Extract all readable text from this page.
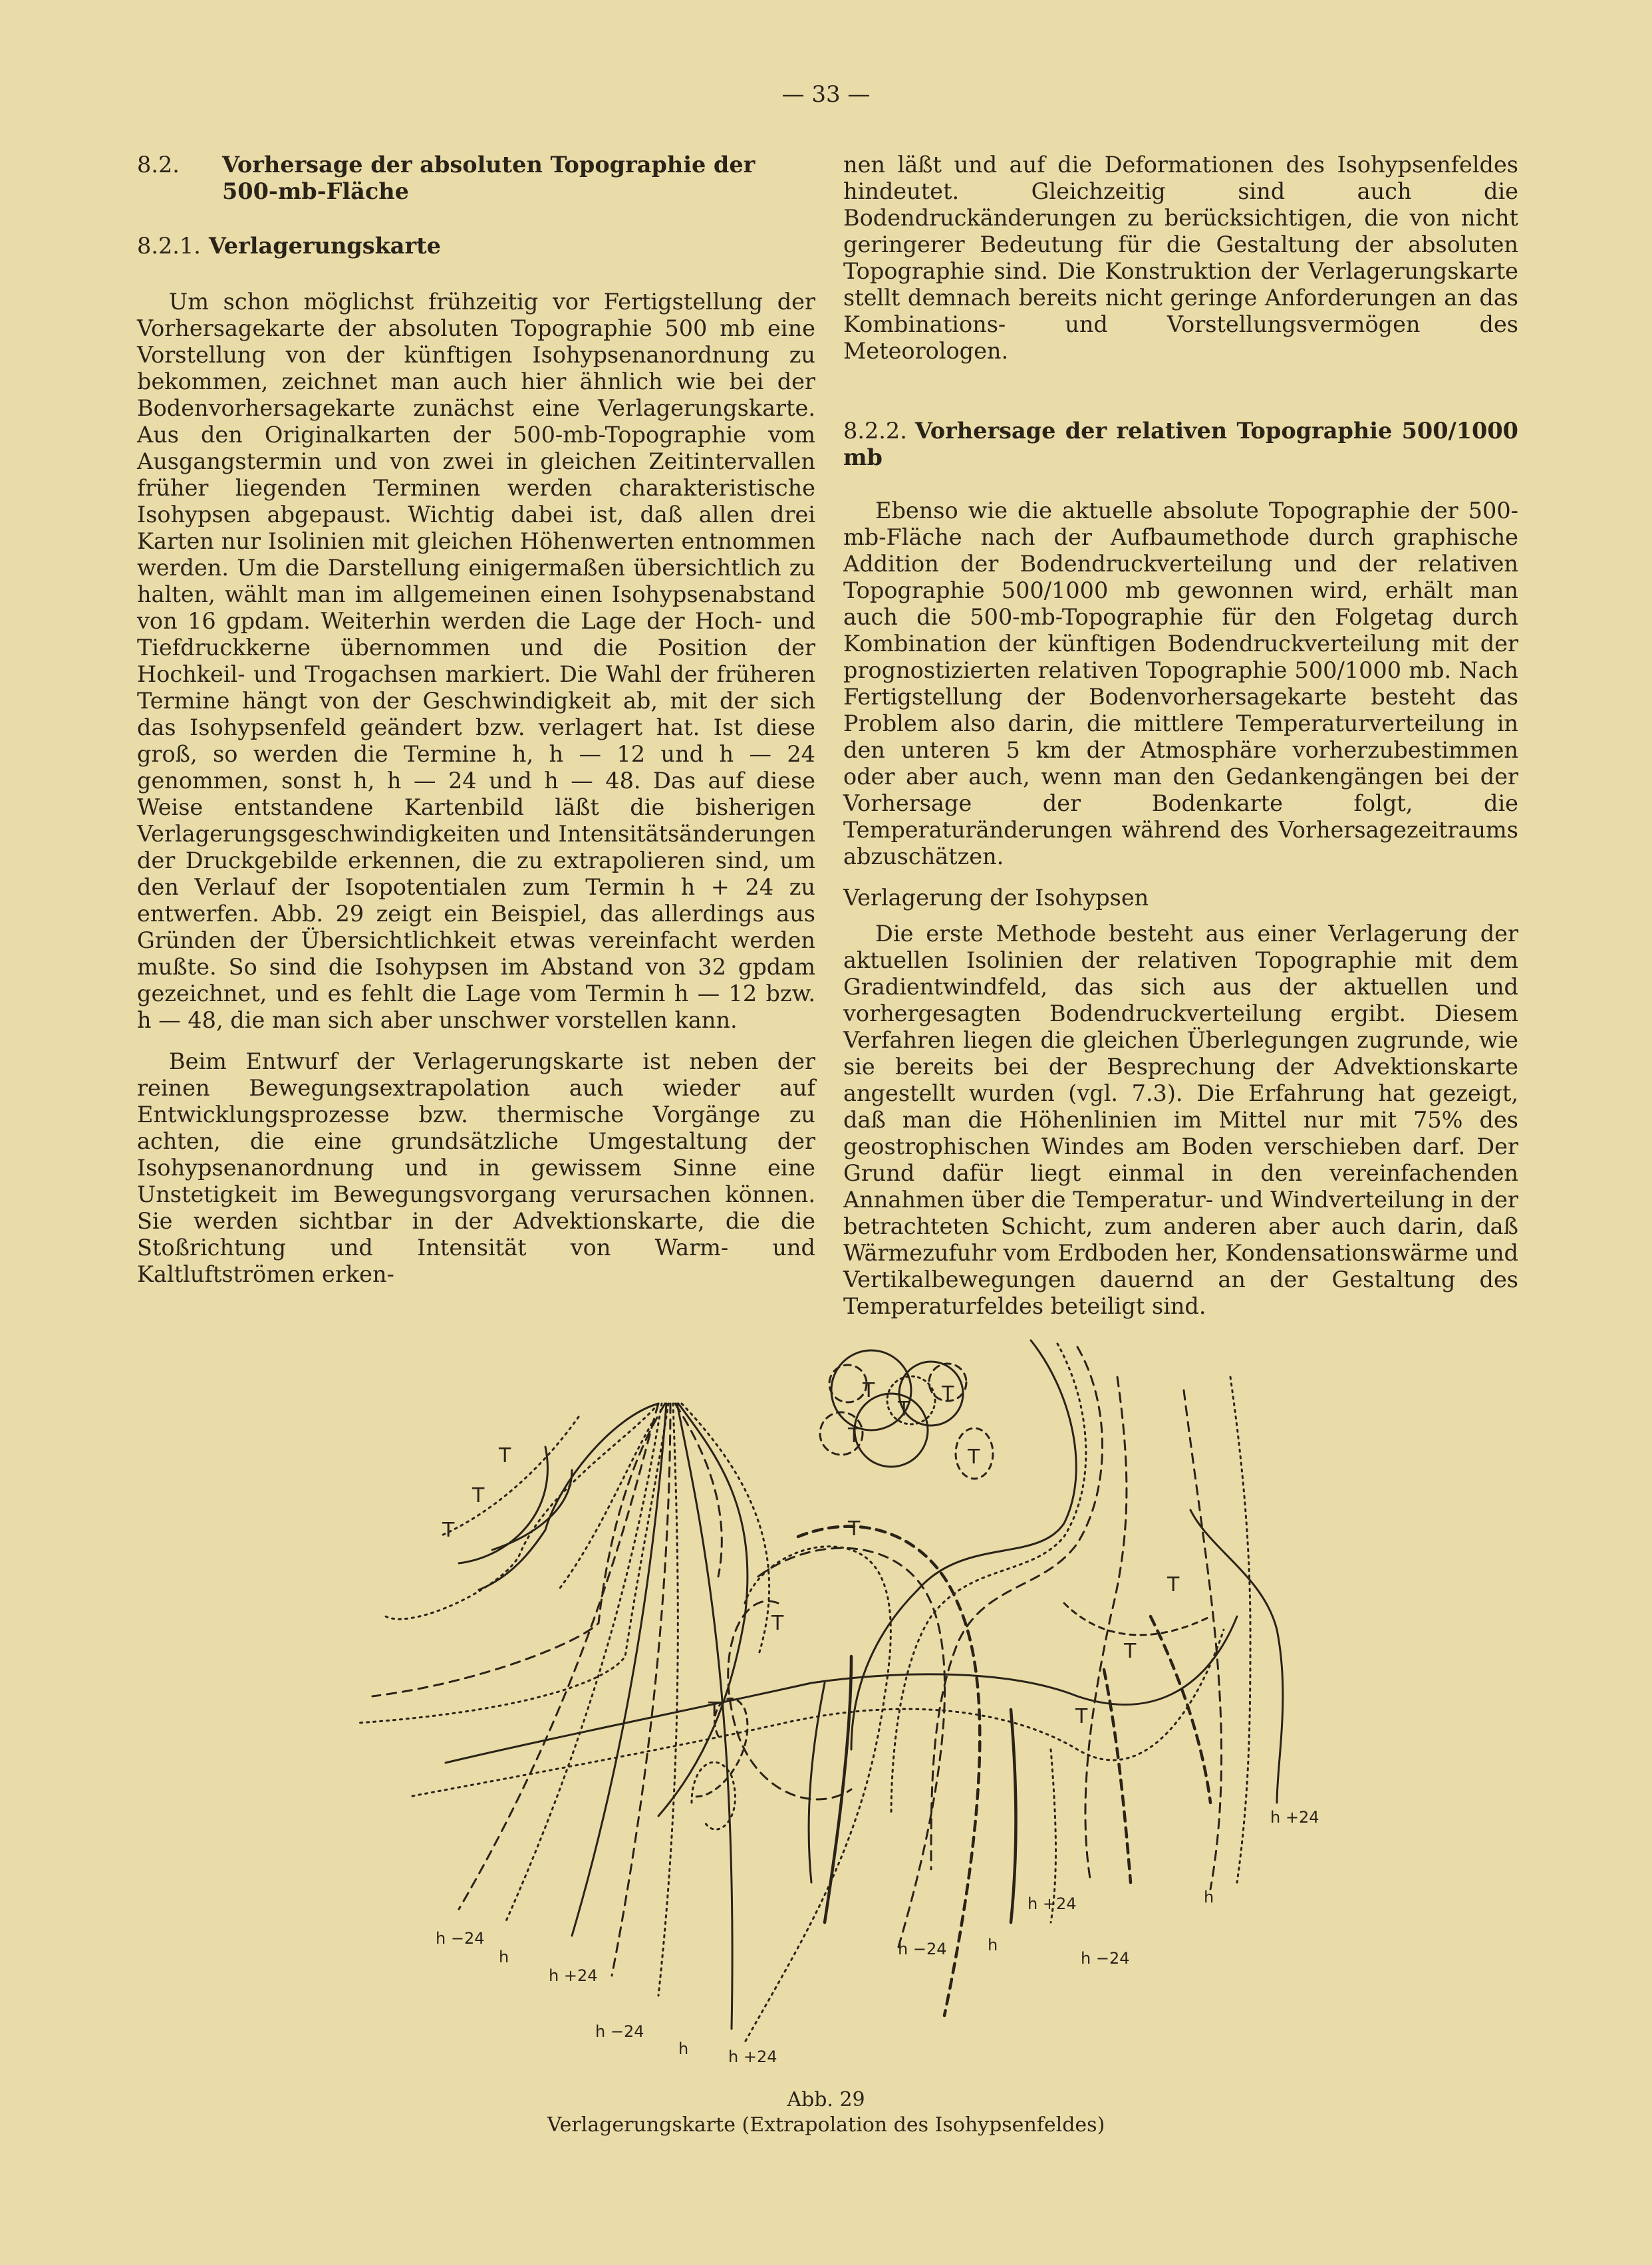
— 33 —
8.2.	Vorhersage der absoluten Topographie der 500-mb-Fläche
8.2.1. Verlagerungskarte

Um schon möglichst frühzeitig vor Fertigstellung der Vorhersagekarte der absoluten Topographie 500 mb eine Vorstellung von der künftigen Isohypsenanordnung zu bekommen, zeichnet man auch hier ähnlich wie bei der Bodenvorhersagekarte zunächst eine Verlagerungskarte. Aus den Originalkarten der 500-mb-Topographie vom Ausgangstermin und von zwei in gleichen Zeitintervallen früher liegenden Terminen werden charakteristische Isohypsen abgepaust. Wichtig dabei ist, daß allen drei Karten nur Isolinien mit gleichen Höhenwerten entnommen werden. Um die Darstellung einigermaßen übersichtlich zu halten, wählt man im allgemeinen einen Isohypsenabstand von 16 gpdam. Weiterhin werden die Lage der Hoch- und Tiefdruckkerne übernommen und die Position der Hochkeil- und Trogachsen markiert. Die Wahl der früheren Termine hängt von der Geschwindigkeit ab, mit der sich das Isohypsenfeld geändert bzw. verlagert hat. Ist diese groß, so werden die Termine h, h — 12 und h — 24 genommen, sonst h, h — 24 und h — 48. Das auf diese Weise entstandene Kartenbild läßt die bisherigen Verlagerungsgeschwindigkeiten und Intensitätsänderungen der Druckgebilde erkennen, die zu extrapolieren sind, um den Verlauf der Isopotentialen zum Termin h + 24 zu entwerfen. Abb. 29 zeigt ein Beispiel, das allerdings aus Gründen der Übersichtlichkeit etwas vereinfacht werden mußte. So sind die Isohypsen im Abstand von 32 gpdam gezeichnet, und es fehlt die Lage vom Termin h — 12 bzw. h — 48, die man sich aber unschwer vorstellen kann.

Beim Entwurf der Verlagerungskarte ist neben der reinen Bewegungsextrapolation auch wieder auf Entwicklungsprozesse bzw. thermische Vorgänge zu achten, die eine grundsätzliche Umgestaltung der Isohypsenanordnung und in gewissem Sinne eine Unstetigkeit im Bewegungsvorgang verursachen können. Sie werden sichtbar in der Advektionskarte, die die Stoßrichtung und Intensität von Warm- und Kaltluftströmen erken-

nen läßt und auf die Deformationen des Isohypsenfeldes hindeutet. Gleichzeitig sind auch die Bodendruckänderungen zu berücksichtigen, die von nicht geringerer Bedeutung für die Gestaltung der absoluten Topographie sind. Die Konstruktion der Verlagerungskarte stellt demnach bereits nicht geringe Anforderungen an das Kombinations- und Vorstellungsvermögen des Meteorologen.

8.2.2. Vorhersage der relativen Topographie 500/1000 mb

Ebenso wie die aktuelle absolute Topographie der 500-mb-Fläche nach der Aufbaumethode durch graphische Addition der Bodendruckverteilung und der relativen Topographie 500/1000 mb gewonnen wird, erhält man auch die 500-mb-Topographie für den Folgetag durch Kombination der künftigen Bodendruckverteilung mit der prognostizierten relativen Topographie 500/1000 mb. Nach Fertigstellung der Bodenvorhersagekarte besteht das Problem also darin, die mittlere Temperaturverteilung in den unteren 5 km der Atmosphäre vorherzubestimmen oder aber auch, wenn man den Gedankengängen bei der Vorhersage der Bodenkarte folgt, die Temperaturänderungen während des Vorhersagezeitraums abzuschätzen.

Verlagerung der Isohypsen

Die erste Methode besteht aus einer Verlagerung der aktuellen Isolinien der relativen Topographie mit dem Gradientwindfeld, das sich aus der aktuellen und vorhergesagten Bodendruckverteilung ergibt. Diesem Verfahren liegen die gleichen Überlegungen zugrunde, wie sie bereits bei der Besprechung der Advektionskarte angestellt wurden (vgl. 7.3). Die Erfahrung hat gezeigt, daß man die Höhenlinien im Mittel nur mit 75% des geostrophischen Windes am Boden verschieben darf. Der Grund dafür liegt einmal in den vereinfachenden Annahmen über die Temperatur- und Windverteilung in der betrachteten Schicht, zum anderen aber auch darin, daß Wärmezufuhr vom Erdboden her, Kondensationswärme und Vertikalbewegungen dauernd an der Gestaltung des Temperaturfeldes beteiligt sind.

T
T
T
T
T
T
T
T
T
T
T
T
T
T
h −24
h
h +24
h −24
h h +24
h −24	h
h +24
h −24
h
h +24
Abb. 29
Verlagerungskarte (Extrapolation des Isohypsenfeldes)
